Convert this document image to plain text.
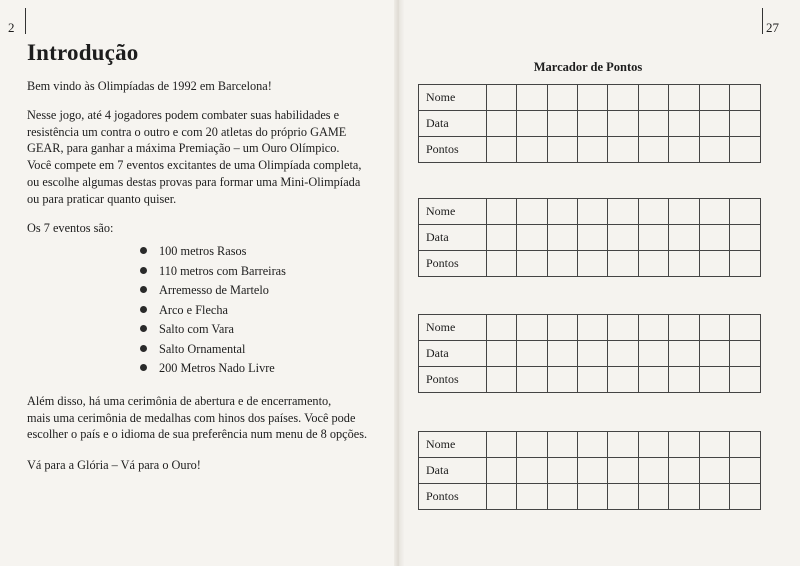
2	27
Introdução

Bem vindo às Olimpíadas de 1992 em Barcelona!

Nesse jogo, até 4 jogadores podem combater suas habilidades e
resistência um contra o outro e com 20 atletas do próprio GAME
GEAR, para ganhar a máxima Premiação – um Ouro Olímpico.
Você compete em 7 eventos excitantes de uma Olimpíada completa,
ou escolhe algumas destas provas para formar uma Mini-Olimpíada
ou para praticar quanto quiser.

Os 7 eventos são:

100 metros Rasos
110 metros com Barreiras
Arremesso de Martelo
Arco e Flecha
Salto com Vara
Salto Ornamental
200 Metros Nado Livre

Além disso, há uma cerimônia de abertura e de encerramento,
mais uma cerimônia de medalhas com hinos dos países. Você pode
escolher o país e o idioma de sua preferência num menu de 8 opções.

Vá para a Glória – Vá para o Ouro!

Marcador de Pontos
Nome									
Data									
Pontos									
Nome									
Data									
Pontos									
Nome									
Data									
Pontos									
Nome									
Data									
Pontos									
